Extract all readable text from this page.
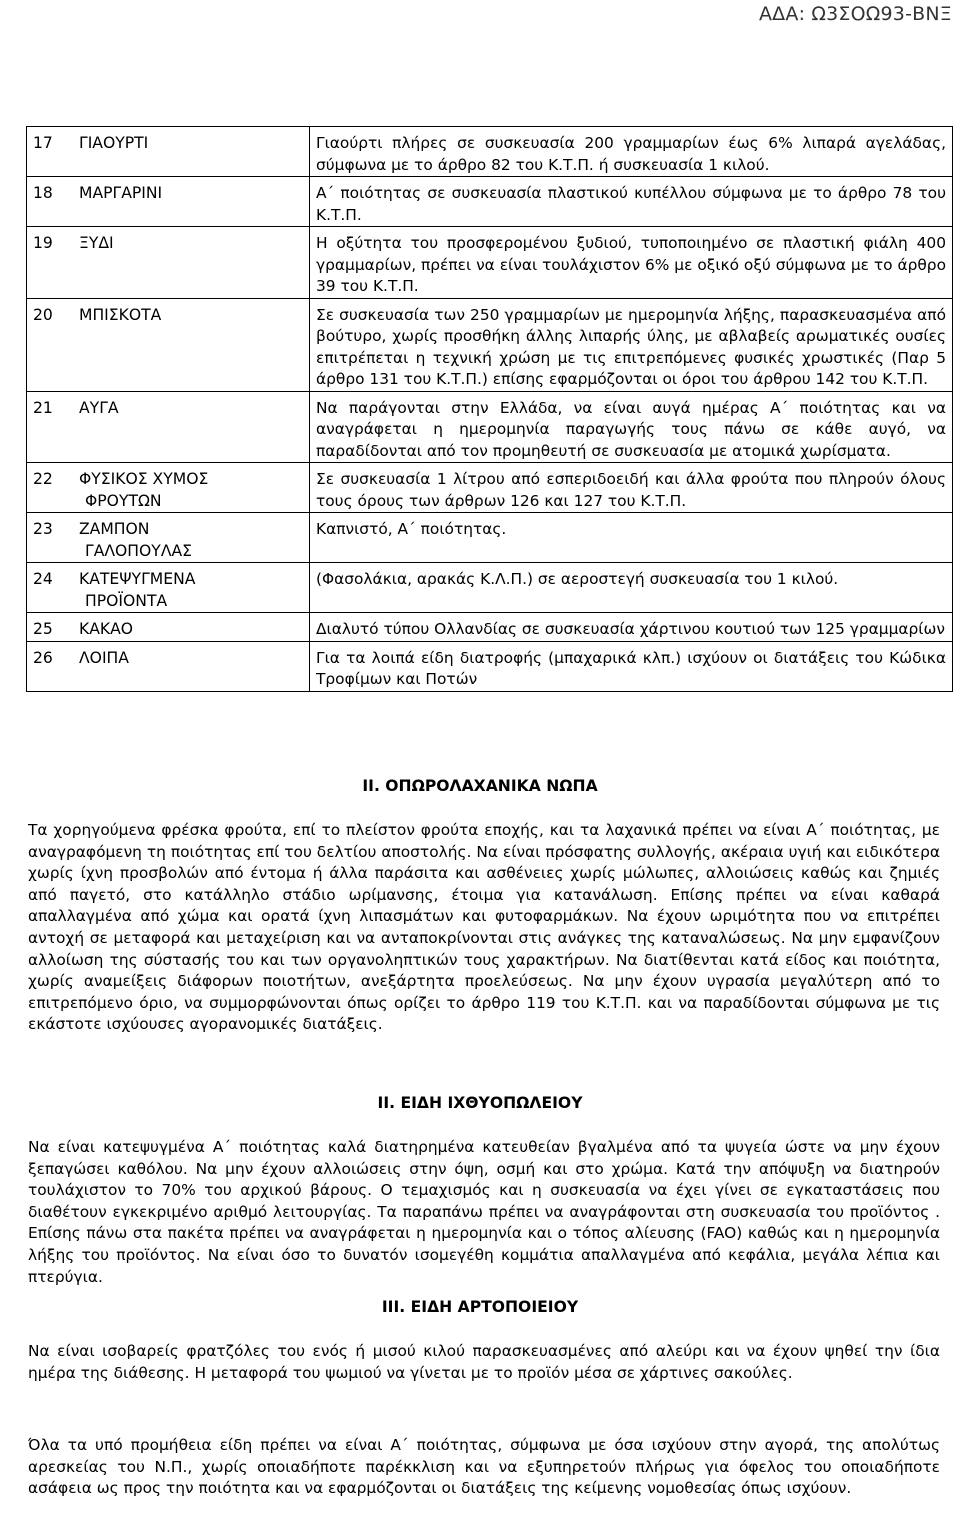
ΑΔΑ: Ω3ΣΟΩ93-ΒΝΞ
17 ΓΙΑΟΥΡΤΙ	Γιαούρτι πλήρες σε συσκευασία 200 γραμμαρίων έως 6% λιπαρά αγελάδας, σύμφωνα με το άρθρο 82 του Κ.Τ.Π. ή συσκευασία 1 κιλού.

18 ΜΑΡΓΑΡΙΝΙ	Α΄ ποιότητας σε συσκευασία πλαστικού κυπέλλου σύμφωνα με το άρθρο 78 του Κ.Τ.Π.

19 ΞΥΔΙ	Η οξύτητα του προσφερομένου ξυδιού, τυποποιημένο σε πλαστική φιάλη 400 γραμμαρίων, πρέπει να είναι τουλάχιστον 6% με οξικό οξύ σύμφωνα με το άρθρο 39 του Κ.Τ.Π.

20 ΜΠΙΣΚΟΤΑ	Σε συσκευασία των 250 γραμμαρίων με ημερομηνία λήξης, παρασκευασμένα από βούτυρο, χωρίς προσθήκη άλλης λιπαρής ύλης, με αβλαβείς αρωματικές ουσίες επιτρέπεται η τεχνική χρώση με τις επιτρεπόμενες φυσικές χρωστικές (Παρ 5 άρθρο 131 του Κ.Τ.Π.) επίσης εφαρμόζονται οι όροι του άρθρου 142 του Κ.Τ.Π.

21 ΑΥΓΑ	Να παράγονται στην Ελλάδα, να είναι αυγά ημέρας Α΄ ποιότητας και να αναγράφεται η ημερομηνία παραγωγής τους πάνω σε κάθε αυγό, να παραδίδονται από τον προμηθευτή σε συσκευασία με ατομικά χωρίσματα.

22 ΦΥΣΙΚΟΣ ΧΥΜΟΣ
ΦΡΟΥΤΩΝ	Σε συσκευασία 1 λίτρου από εσπεριδοειδή και άλλα φρούτα που πληρούν όλους τους όρους των άρθρων 126 και 127 του Κ.Τ.Π.

23 ΖΑΜΠΟΝ
ΓΑΛΟΠΟΥΛΑΣ	Καπνιστό, Α΄ ποιότητας.

24 ΚΑΤΕΨΥΓΜΕΝΑ
ΠΡΟΪΟΝΤΑ	(Φασολάκια, αρακάς Κ.Λ.Π.) σε αεροστεγή συσκευασία του 1 κιλού.

25 ΚΑΚΑΟ	Διαλυτό τύπου Ολλανδίας σε συσκευασία χάρτινου κουτιού των 125 γραμμαρίων

26 ΛΟΙΠΑ	Για τα λοιπά είδη διατροφής (μπαχαρικά κλπ.) ισχύουν οι διατάξεις του Κώδικα Τροφίμων και Ποτών
ΙΙ. ΟΠΩΡΟΛΑΧΑΝΙΚΑ ΝΩΠΑ
Τα χορηγούμενα φρέσκα φρούτα, επί το πλείστον φρούτα εποχής, και τα λαχανικά πρέπει να είναι Α΄ ποιότητας, με αναγραφόμενη τη ποιότητας επί του δελτίου αποστολής. Να είναι πρόσφατης συλλογής, ακέραια υγιή και ειδικότερα χωρίς ίχνη προσβολών από έντομα ή άλλα παράσιτα και ασθένειες χωρίς μώλωπες, αλλοιώσεις καθώς και ζημιές από παγετό, στο κατάλληλο στάδιο ωρίμανσης, έτοιμα για κατανάλωση. Επίσης πρέπει να είναι καθαρά απαλλαγμένα από χώμα και ορατά ίχνη λιπασμάτων και φυτοφαρμάκων. Να έχουν ωριμότητα που να επιτρέπει αντοχή σε μεταφορά και μεταχείριση και να ανταποκρίνονται στις ανάγκες της καταναλώσεως. Να μην εμφανίζουν αλλοίωση της σύστασής του και των οργανοληπτικών τους χαρακτήρων. Να διατίθενται κατά είδος και ποιότητα, χωρίς αναμείξεις διάφορων ποιοτήτων, ανεξάρτητα προελεύσεως. Να μην έχουν υγρασία μεγαλύτερη από το επιτρεπόμενο όριο, να συμμορφώνονται όπως ορίζει το άρθρο 119 του Κ.Τ.Π. και να παραδίδονται σύμφωνα με τις εκάστοτε ισχύουσες αγορανομικές διατάξεις.
ΙΙ. ΕΙΔΗ ΙΧΘΥΟΠΩΛΕΙΟΥ
Να είναι κατεψυγμένα Α΄ ποιότητας καλά διατηρημένα κατευθείαν βγαλμένα από τα ψυγεία ώστε να μην έχουν ξεπαγώσει καθόλου. Να μην έχουν αλλοιώσεις στην όψη, οσμή και στο χρώμα. Κατά την απόψυξη να διατηρούν τουλάχιστον το 70% του αρχικού βάρους. Ο τεμαχισμός και η συσκευασία να έχει γίνει σε εγκαταστάσεις που διαθέτουν εγκεκριμένο αριθμό λειτουργίας. Τα παραπάνω πρέπει να αναγράφονται στη συσκευασία του προϊόντος . Επίσης πάνω στα πακέτα πρέπει να αναγράφεται η ημερομηνία και ο τόπος αλίευσης (FAO) καθώς και η ημερομηνία λήξης του προϊόντος. Να είναι όσο το δυνατόν ισομεγέθη κομμάτια απαλλαγμένα από κεφάλια, μεγάλα λέπια και πτερύγια.
ΙΙΙ. ΕΙΔΗ ΑΡΤΟΠΟΙΕΙΟΥ
Να είναι ισοβαρείς φρατζόλες του ενός ή μισού κιλού παρασκευασμένες από αλεύρι και να έχουν ψηθεί την ίδια ημέρα της διάθεσης. Η μεταφορά του ψωμιού να γίνεται με το προϊόν μέσα σε χάρτινες σακούλες.
Όλα τα υπό προμήθεια είδη πρέπει να είναι Α΄ ποιότητας, σύμφωνα με όσα ισχύουν στην αγορά, της απολύτως αρεσκείας του Ν.Π., χωρίς οποιαδήποτε παρέκκλιση και να εξυπηρετούν πλήρως για όφελος του οποιαδήποτε ασάφεια ως προς την ποιότητα και να εφαρμόζονται οι διατάξεις της κείμενης νομοθεσίας όπως ισχύουν.
